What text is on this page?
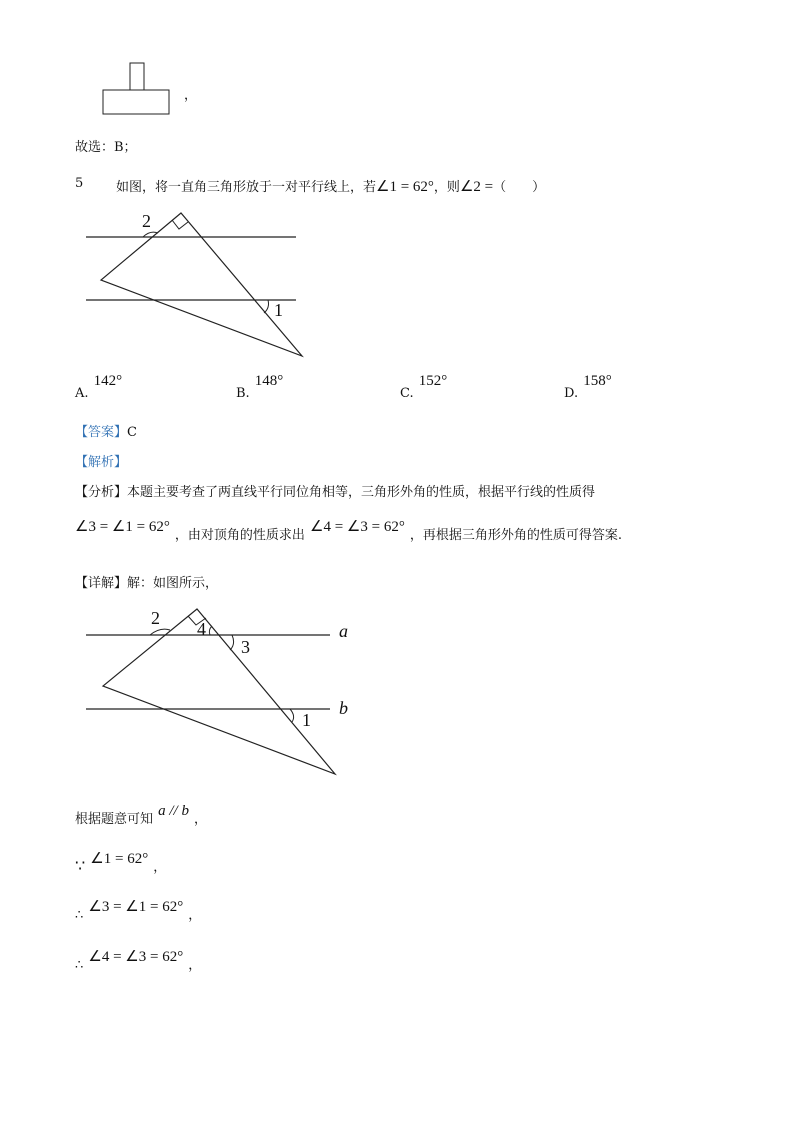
，
故选：B；
5	如图，将一直角三角形放于一对平行线上，若∠1 = 62°，则∠2 =（　　）
2
1
$_{A.}$ 142°
$_{B.}$ 148°
$_{C.}$ 152°
$_{D.}$ 158°
【答案】C
【解析】
【分析】本题主要考查了两直线平行同位角相等，三角形外角的性质，根据平行线的性质得
∠3 = ∠1 = 62° $_{,由对顶角的性质求出}$ ∠4 = ∠3 = 62° $_{,再根据三角形外角的性质可得答案.}$
【详解】解：如图所示，
2
4
3
a
1
b
$_{根据题意可知}$ a // b $_,$
∵ ∠1 = 62° $_,$
$_\therefore$ ∠3 = ∠1 = 62° $_,$
$_\therefore$ ∠4 = ∠3 = 62° $_,$
